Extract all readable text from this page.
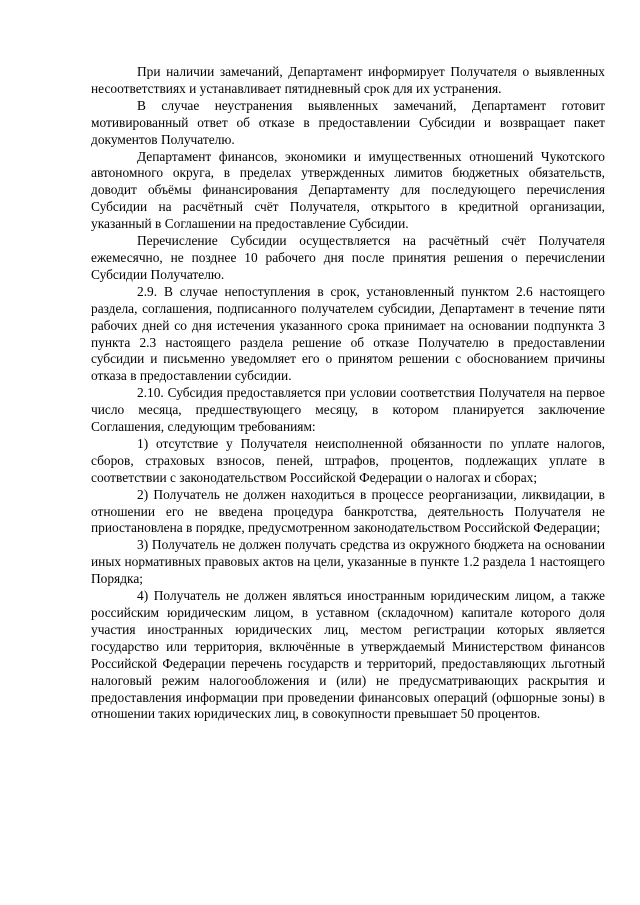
При наличии замечаний, Департамент информирует Получателя о выявленных несоответствиях и устанавливает пятидневный срок для их устранения.

В случае неустранения выявленных замечаний, Департамент готовит мотивированный ответ об отказе в предоставлении Субсидии и возвращает пакет документов Получателю.

Департамент финансов, экономики и имущественных отношений Чукотского автономного округа, в пределах утвержденных лимитов бюджетных обязательств, доводит объёмы финансирования Департаменту для последующего перечисления Субсидии на расчётный счёт Получателя, открытого в кредитной организации, указанный в Соглашении на предоставление Субсидии.

Перечисление Субсидии осуществляется на расчётный счёт Получателя ежемесячно, не позднее 10 рабочего дня после принятия решения о перечислении Субсидии Получателю.

2.9. В случае непоступления в срок, установленный пунктом 2.6 настоящего раздела, соглашения, подписанного получателем субсидии, Департамент в течение пяти рабочих дней со дня истечения указанного срока принимает на основании подпункта 3 пункта 2.3 настоящего раздела решение об отказе Получателю в предоставлении субсидии и письменно уведомляет его о принятом решении с обоснованием причины отказа в предоставлении субсидии.

2.10. Субсидия предоставляется при условии соответствия Получателя на первое число месяца, предшествующего месяцу, в котором планируется заключение Соглашения, следующим требованиям:

1) отсутствие у Получателя неисполненной обязанности по уплате налогов, сборов, страховых взносов, пеней, штрафов, процентов, подлежащих уплате в соответствии с законодательством Российской Федерации о налогах и сборах;

2) Получатель не должен находиться в процессе реорганизации, ликвидации, в отношении его не введена процедура банкротства, деятельность Получателя не приостановлена в порядке, предусмотренном законодательством Российской Федерации;

3) Получатель не должен получать средства из окружного бюджета на основании иных нормативных правовых актов на цели, указанные в пункте 1.2 раздела 1 настоящего Порядка;

4) Получатель не должен являться иностранным юридическим лицом, а также российским юридическим лицом, в уставном (складочном) капитале которого доля участия иностранных юридических лиц, местом регистрации которых является государство или территория, включённые в утверждаемый Министерством финансов Российской Федерации перечень государств и территорий, предоставляющих льготный налоговый режим налогообложения и (или) не предусматривающих раскрытия и предоставления информации при проведении финансовых операций (офшорные зоны) в отношении таких юридических лиц, в совокупности превышает 50 процентов.
